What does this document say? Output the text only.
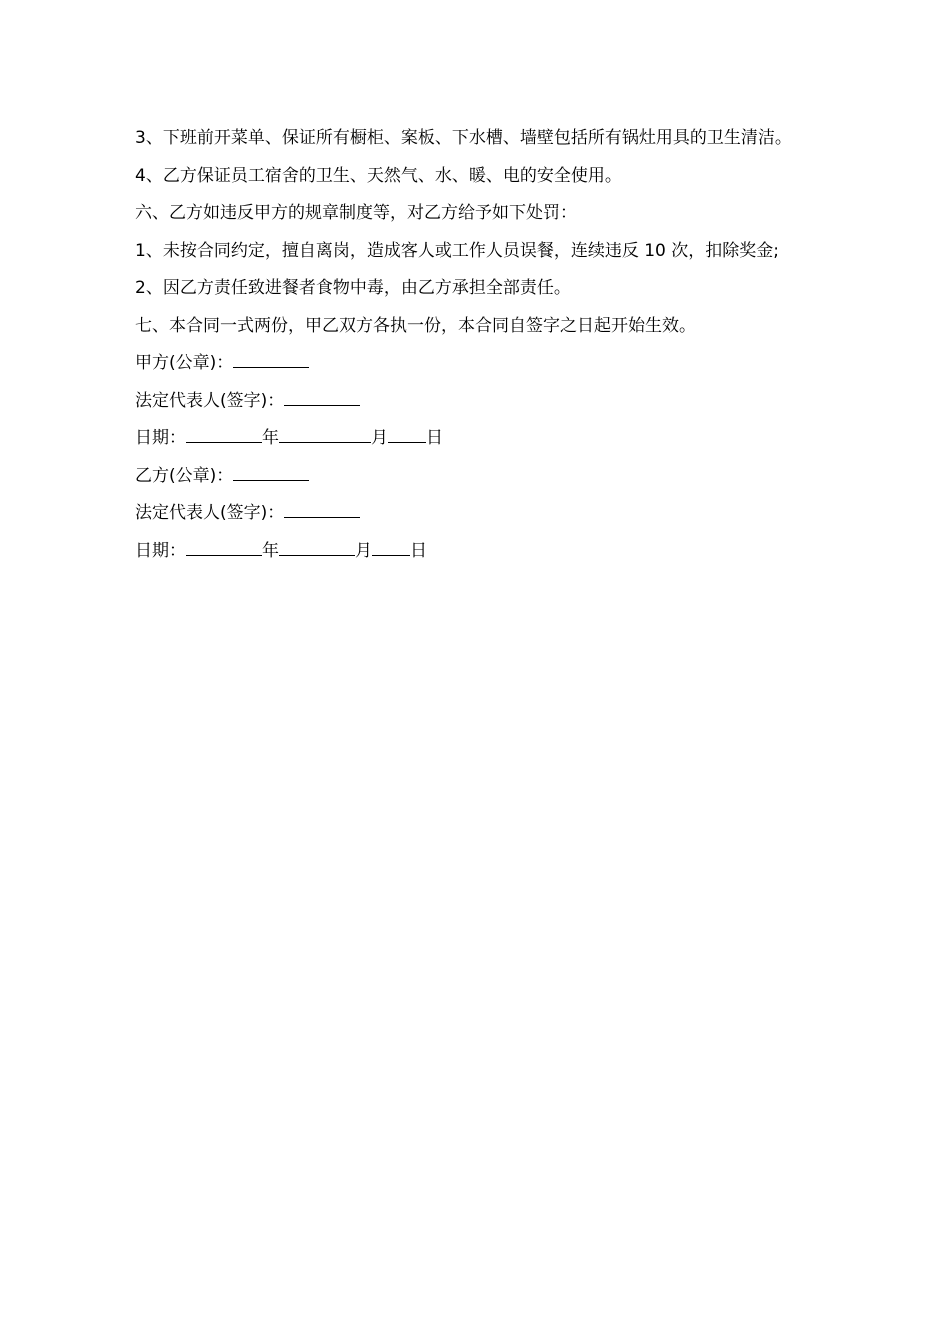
3、下班前开菜单、保证所有橱柜、案板、下水槽、墙壁包括所有锅灶用具的卫生清洁。

4、乙方保证员工宿舍的卫生、天然气、水、暖、电的安全使用。

六、乙方如违反甲方的规章制度等，对乙方给予如下处罚：

1、未按合同约定，擅自离岗，造成客人或工作人员误餐，连续违反 10 次，扣除奖金;

2、因乙方责任致进餐者食物中毒，由乙方承担全部责任。

七、本合同一式两份，甲乙双方各执一份，本合同自签字之日起开始生效。

甲方(公章)：
法定代表人(签字)：
日期：	年	月 日
乙方(公章)：
法定代表人(签字)：
日期：	年	月 日
